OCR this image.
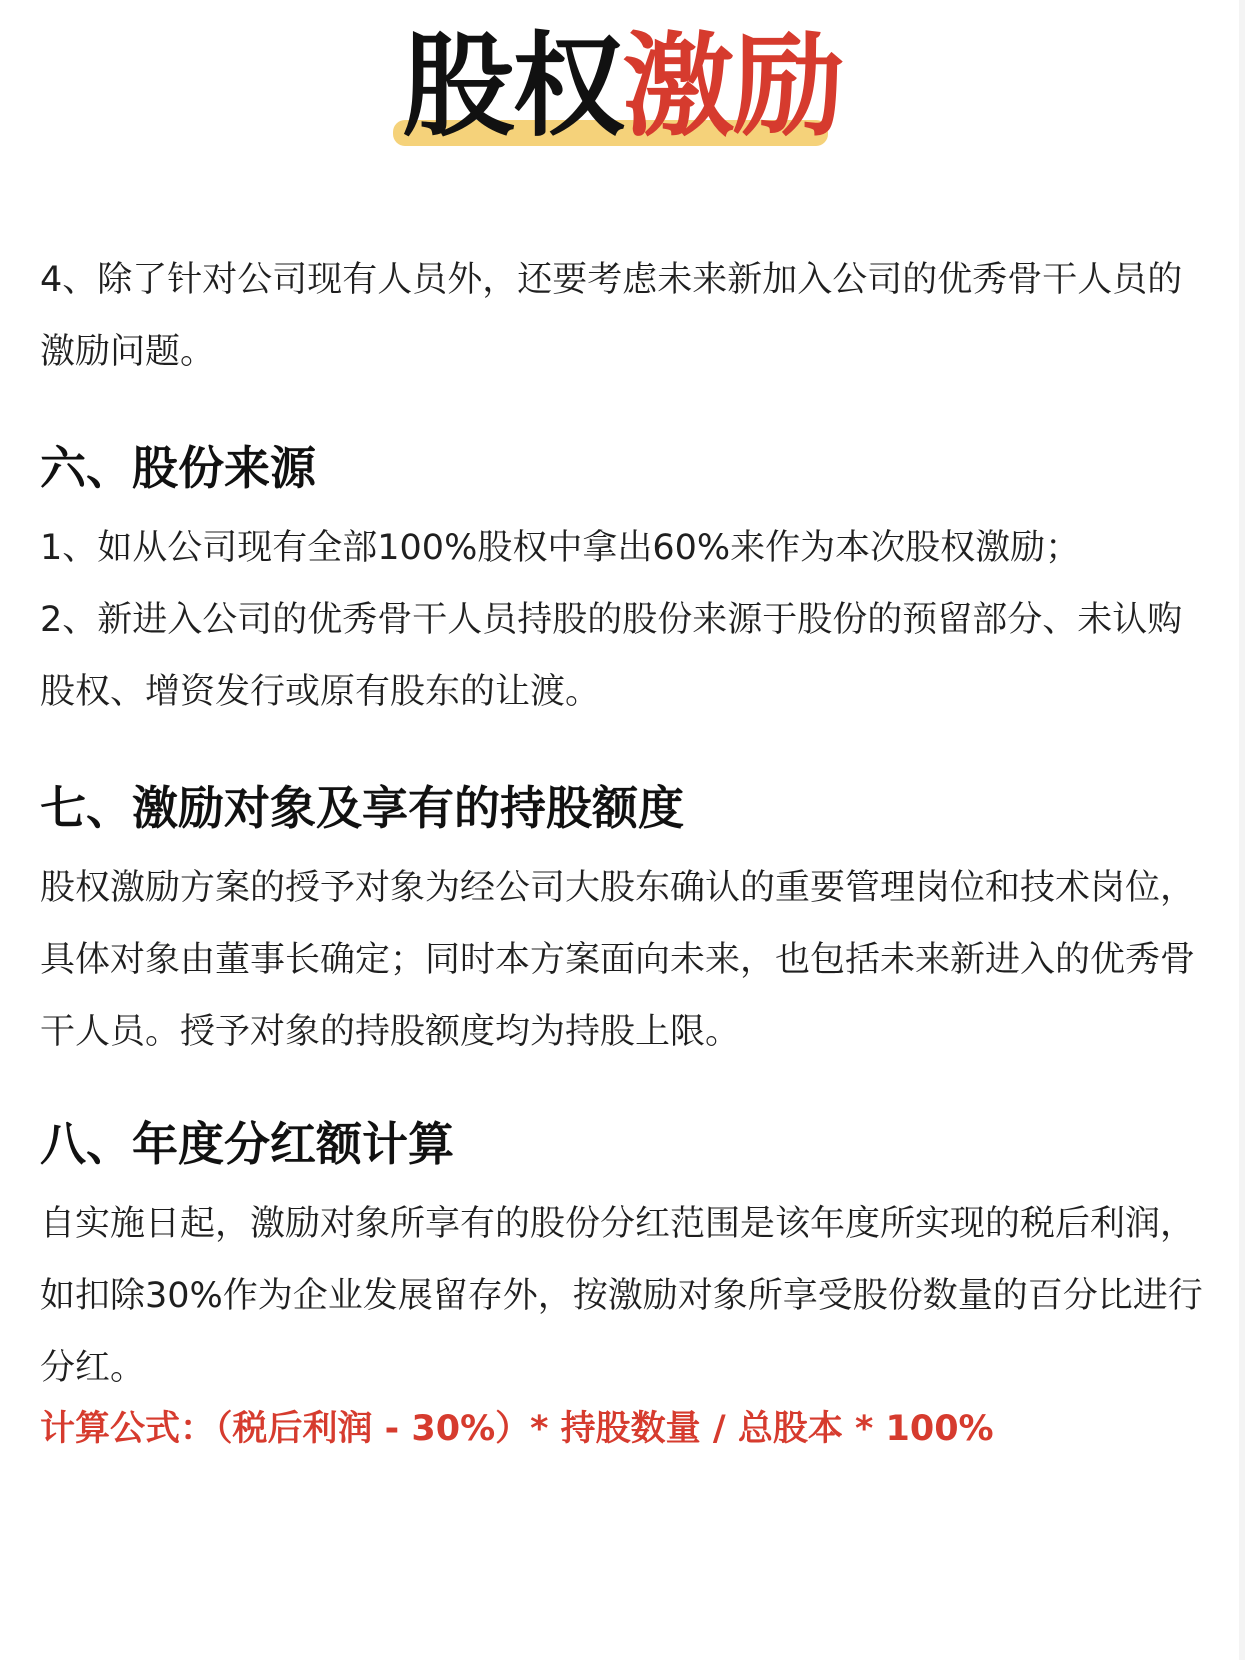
股权激励

4、除了针对公司现有人员外，还要考虑未来新加入公司的优秀骨干人员的激励问题。

六、股份来源

1、如从公司现有全部100%股权中拿出60%来作为本次股权激励；

2、新进入公司的优秀骨干人员持股的股份来源于股份的预留部分、未认购股权、增资发行或原有股东的让渡。

七、激励对象及享有的持股额度

股权激励方案的授予对象为经公司大股东确认的重要管理岗位和技术岗位，具体对象由董事长确定；同时本方案面向未来，也包括未来新进入的优秀骨干人员。授予对象的持股额度均为持股上限。

八、年度分红额计算

自实施日起，激励对象所享有的股份分红范围是该年度所实现的税后利润，如扣除30%作为企业发展留存外，按激励对象所享受股份数量的百分比进行分红。

计算公式：（税后利润 - 30%）* 持股数量 / 总股本 * 100%
